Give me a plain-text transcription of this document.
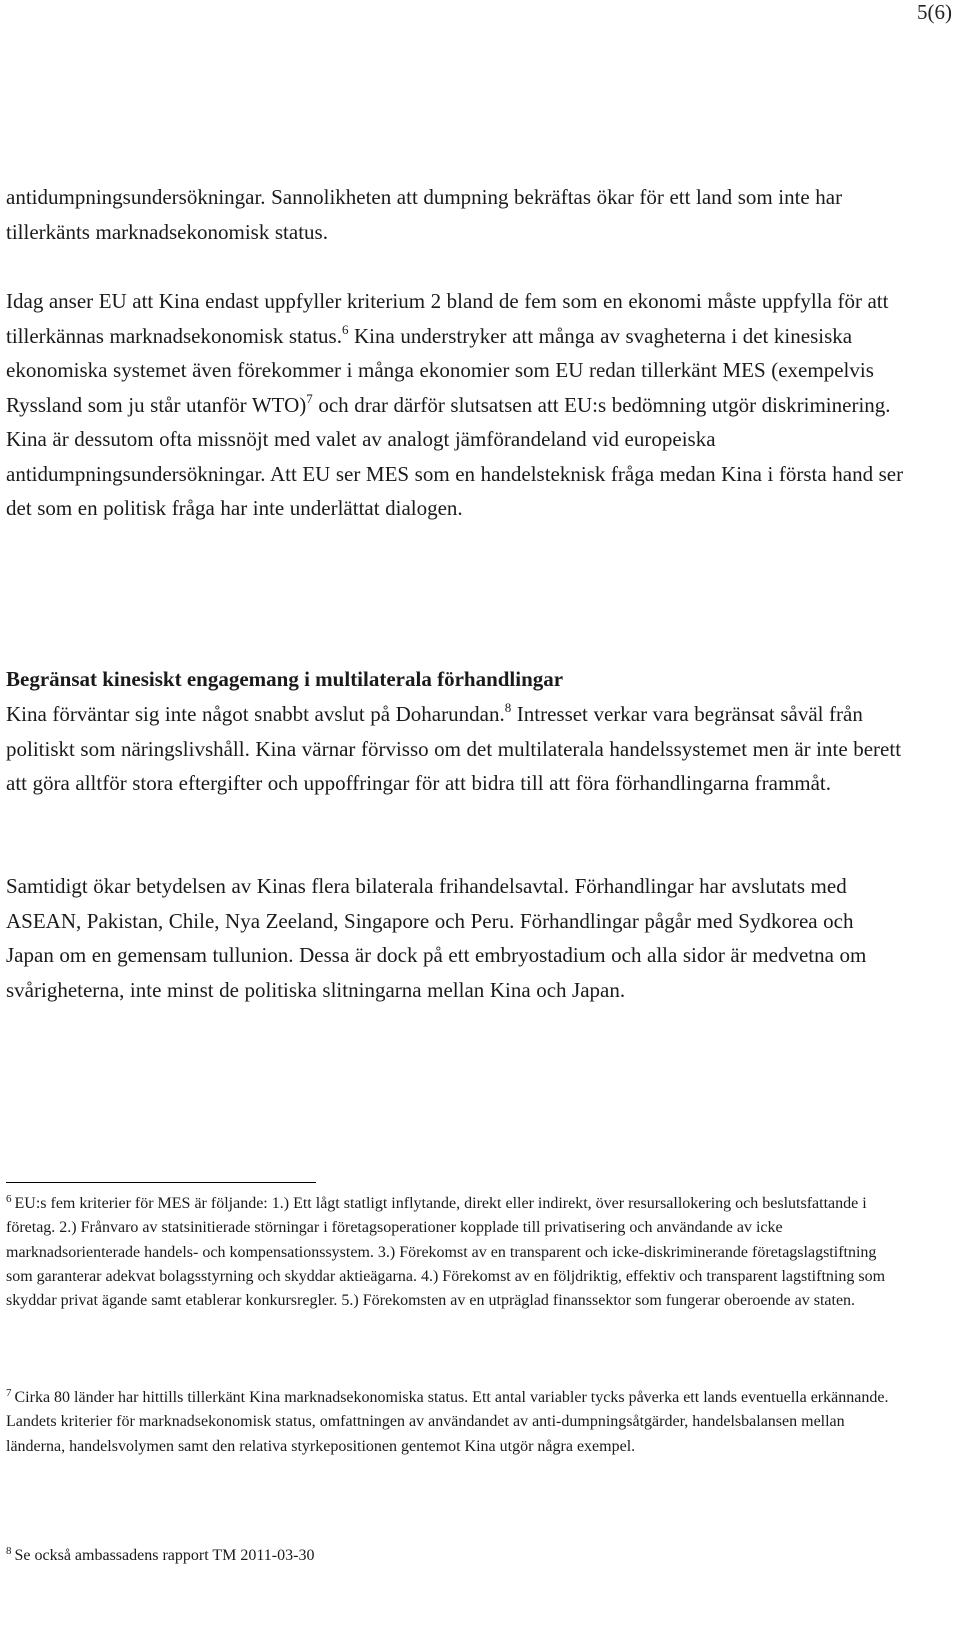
5(6)

antidumpningsundersökningar. Sannolikheten att dumpning bekräftas ökar för ett land som inte har tillerkänts marknadsekonomisk status.

Idag anser EU att Kina endast uppfyller kriterium 2 bland de fem som en ekonomi måste uppfylla för att tillerkännas marknadsekonomisk status.$^6$ Kina understryker att många av svagheterna i det kinesiska ekonomiska systemet även förekommer i många ekonomier som EU redan tillerkänt MES (exempelvis Ryssland som ju står utanför WTO)$^7$ och drar därför slutsatsen att EU:s bedömning utgör diskriminering. Kina är dessutom ofta missnöjt med valet av analogt jämförandeland vid europeiska antidumpningsundersökningar. Att EU ser MES som en handelsteknisk fråga medan Kina i första hand ser det som en politisk fråga har inte underlättat dialogen.

Begränsat kinesiskt engagemang i multilaterala förhandlingar

Kina förväntar sig inte något snabbt avslut på Doharundan.$^8$ Intresset verkar vara begränsat såväl från politiskt som näringslivshåll. Kina värnar förvisso om det multilaterala handelssystemet men är inte berett att göra alltför stora eftergifter och uppoffringar för att bidra till att föra förhandlingarna frammåt.

Samtidigt ökar betydelsen av Kinas flera bilaterala frihandelsavtal. Förhandlingar har avslutats med ASEAN, Pakistan, Chile, Nya Zeeland, Singapore och Peru. Förhandlingar pågår med Sydkorea och Japan om en gemensam tullunion. Dessa är dock på ett embryostadium och alla sidor är medvetna om svårigheterna, inte minst de politiska slitningarna mellan Kina och Japan.

$^6$ EU:s fem kriterier för MES är följande: 1.) Ett lågt statligt inflytande, direkt eller indirekt, över resursallokering och beslutsfattande i företag. 2.) Frånvaro av statsinitierade störningar i företagsoperationer kopplade till privatisering och användande av icke marknadsorienterade handels- och kompensationssystem. 3.) Förekomst av en transparent och icke-diskriminerande företagslagstiftning som garanterar adekvat bolagsstyrning och skyddar aktieägarna. 4.) Förekomst av en följdriktig, effektiv och transparent lagstiftning som skyddar privat ägande samt etablerar konkursregler. 5.) Förekomsten av en utpräglad finanssektor som fungerar oberoende av staten.

$^7$ Cirka 80 länder har hittills tillerkänt Kina marknadsekonomiska status. Ett antal variabler tycks påverka ett lands eventuella erkännande. Landets kriterier för marknadsekonomisk status, omfattningen av användandet av anti-dumpningsåtgärder, handelsbalansen mellan länderna, handelsvolymen samt den relativa styrkepositionen gentemot Kina utgör några exempel.

$^8$ Se också ambassadens rapport TM 2011-03-30
